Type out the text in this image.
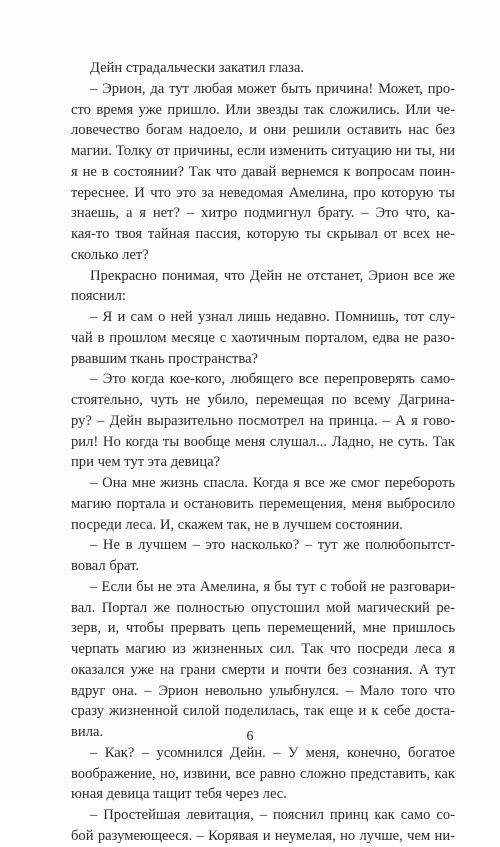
Дейн страдальчески закатил глаза.
– Эрион, да тут любая может быть причина! Может, про-
сто время уже пришло. Или звезды так сложились. Или че-
ловечество богам надоело, и они решили оставить нас без
магии. Толку от причины, если изменить ситуацию ни ты, ни
я не в состоянии? Так что давай вернемся к вопросам поин-
тереснее. И что это за неведомая Амелина, про которую ты
знаешь, а я нет? – хитро подмигнул брату. – Это что, ка-
кая-то твоя тайная пассия, которую ты скрывал от всех не-
сколько лет?
Прекрасно понимая, что Дейн не отстанет, Эрион все же
пояснил:
– Я и сам о ней узнал лишь недавно. Помнишь, тот слу-
чай в прошлом месяце с хаотичным порталом, едва не разо-
рвавшим ткань пространства?
– Это когда кое-кого, любящего все перепроверять само-
стоятельно, чуть не убило, перемещая по всему Дагрина-
ру? – Дейн выразительно посмотрел на принца. – А я гово-
рил! Но когда ты вообще меня слушал... Ладно, не суть. Так
при чем тут эта девица?
– Она мне жизнь спасла. Когда я все же смог перебороть
магию портала и остановить перемещения, меня выбросило
посреди леса. И, скажем так, не в лучшем состоянии.
– Не в лучшем – это насколько? – тут же полюбопытст-
вовал брат.
– Если бы не эта Амелина, я бы тут с тобой не разговари-
вал. Портал же полностью опустошил мой магический ре-
зерв, и, чтобы прервать цепь перемещений, мне пришлось
черпать магию из жизненных сил. Так что посреди леса я
оказался уже на грани смерти и почти без сознания. А тут
вдруг она. – Эрион невольно улыбнулся. – Мало того что
сразу жизненной силой поделилась, так еще и к себе доста-
вила.
– Как? – усомнился Дейн. – У меня, конечно, богатое
воображение, но, извини, все равно сложно представить, как
юная девица тащит тебя через лес.
– Простейшая левитация, – пояснил принц как само со-
бой разумеющееся. – Корявая и неумелая, но лучше, чем ни-
6
